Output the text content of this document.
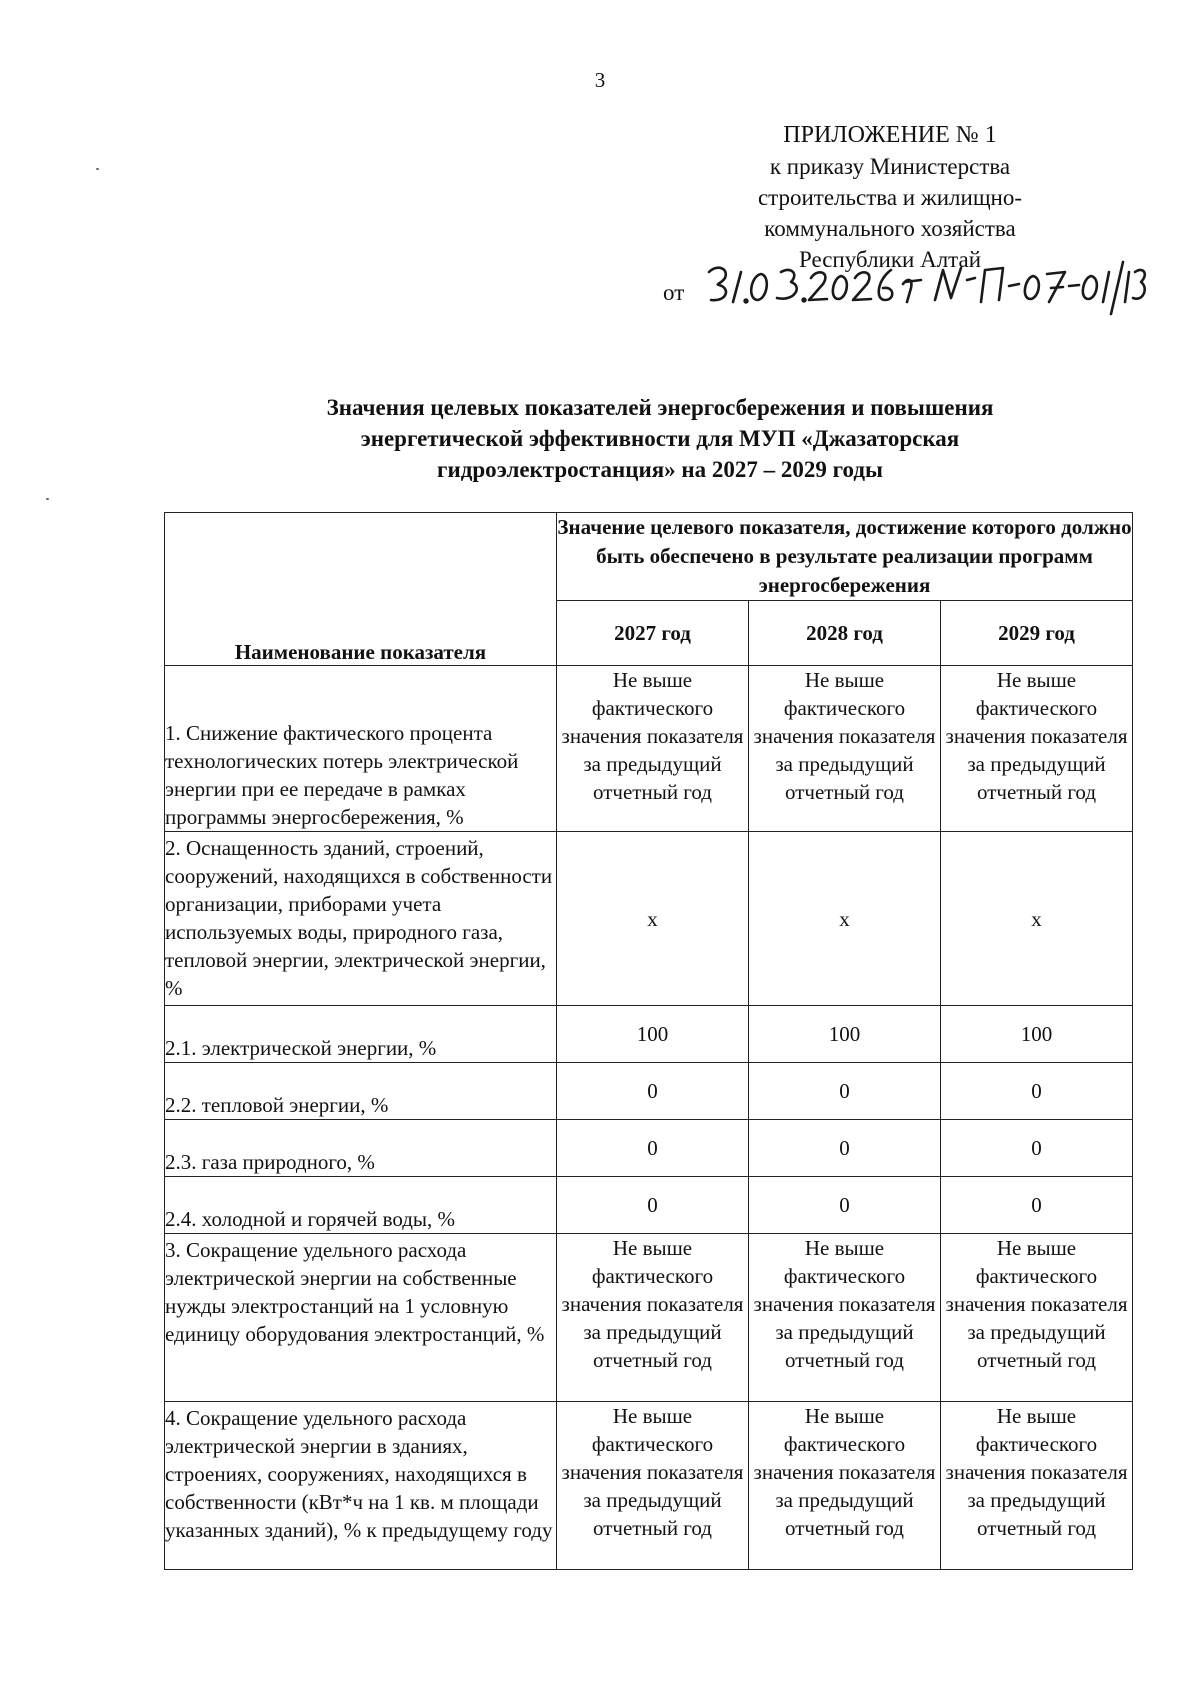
3
ПРИЛОЖЕНИЕ № 1
к приказу Министерства
строительства и жилищно-
коммунального хозяйства
Республики Алтай
от
Значения целевых показателей энергосбережения и повышения
энергетической эффективности для МУП «Джазаторская
гидроэлектростанция» на 2027 – 2029 годы
Наименование показателя	Значение целевого показателя, достижение которого должно быть обеспечено в результате реализации программ энергосбережения		
	2027 год	2028 год	2029 год
1. Снижение фактического процента технологических потерь электрической энергии при ее передаче в рамках программы энергосбережения, %	Не выше фактического значения показателя за предыдущий отчетный год	Не выше фактического значения показателя за предыдущий отчетный год	Не выше фактического значения показателя за предыдущий отчетный год
2. Оснащенность зданий, строений, сооружений, находящихся в собственности организации, приборами учета используемых воды, природного газа, тепловой энергии, электрической энергии, %	x	x	x
2.1. электрической энергии, %	100	100	100
2.2. тепловой энергии, %	0	0	0
2.3. газа природного, %	0	0	0
2.4. холодной и горячей воды, %	0	0	0
3. Сокращение удельного расхода электрической энергии на собственные нужды электростанций на 1 условную единицу оборудования электростанций, %	Не выше фактического значения показателя за предыдущий отчетный год	Не выше фактического значения показателя за предыдущий отчетный год	Не выше фактического значения показателя за предыдущий отчетный год
4. Сокращение удельного расхода электрической энергии в зданиях, строениях, сооружениях, находящихся в собственности (кВт*ч на 1 кв. м площади указанных зданий), % к предыдущему году	Не выше фактического значения показателя за предыдущий отчетный год	Не выше фактического значения показателя за предыдущий отчетный год	Не выше фактического значения показателя за предыдущий отчетный год
